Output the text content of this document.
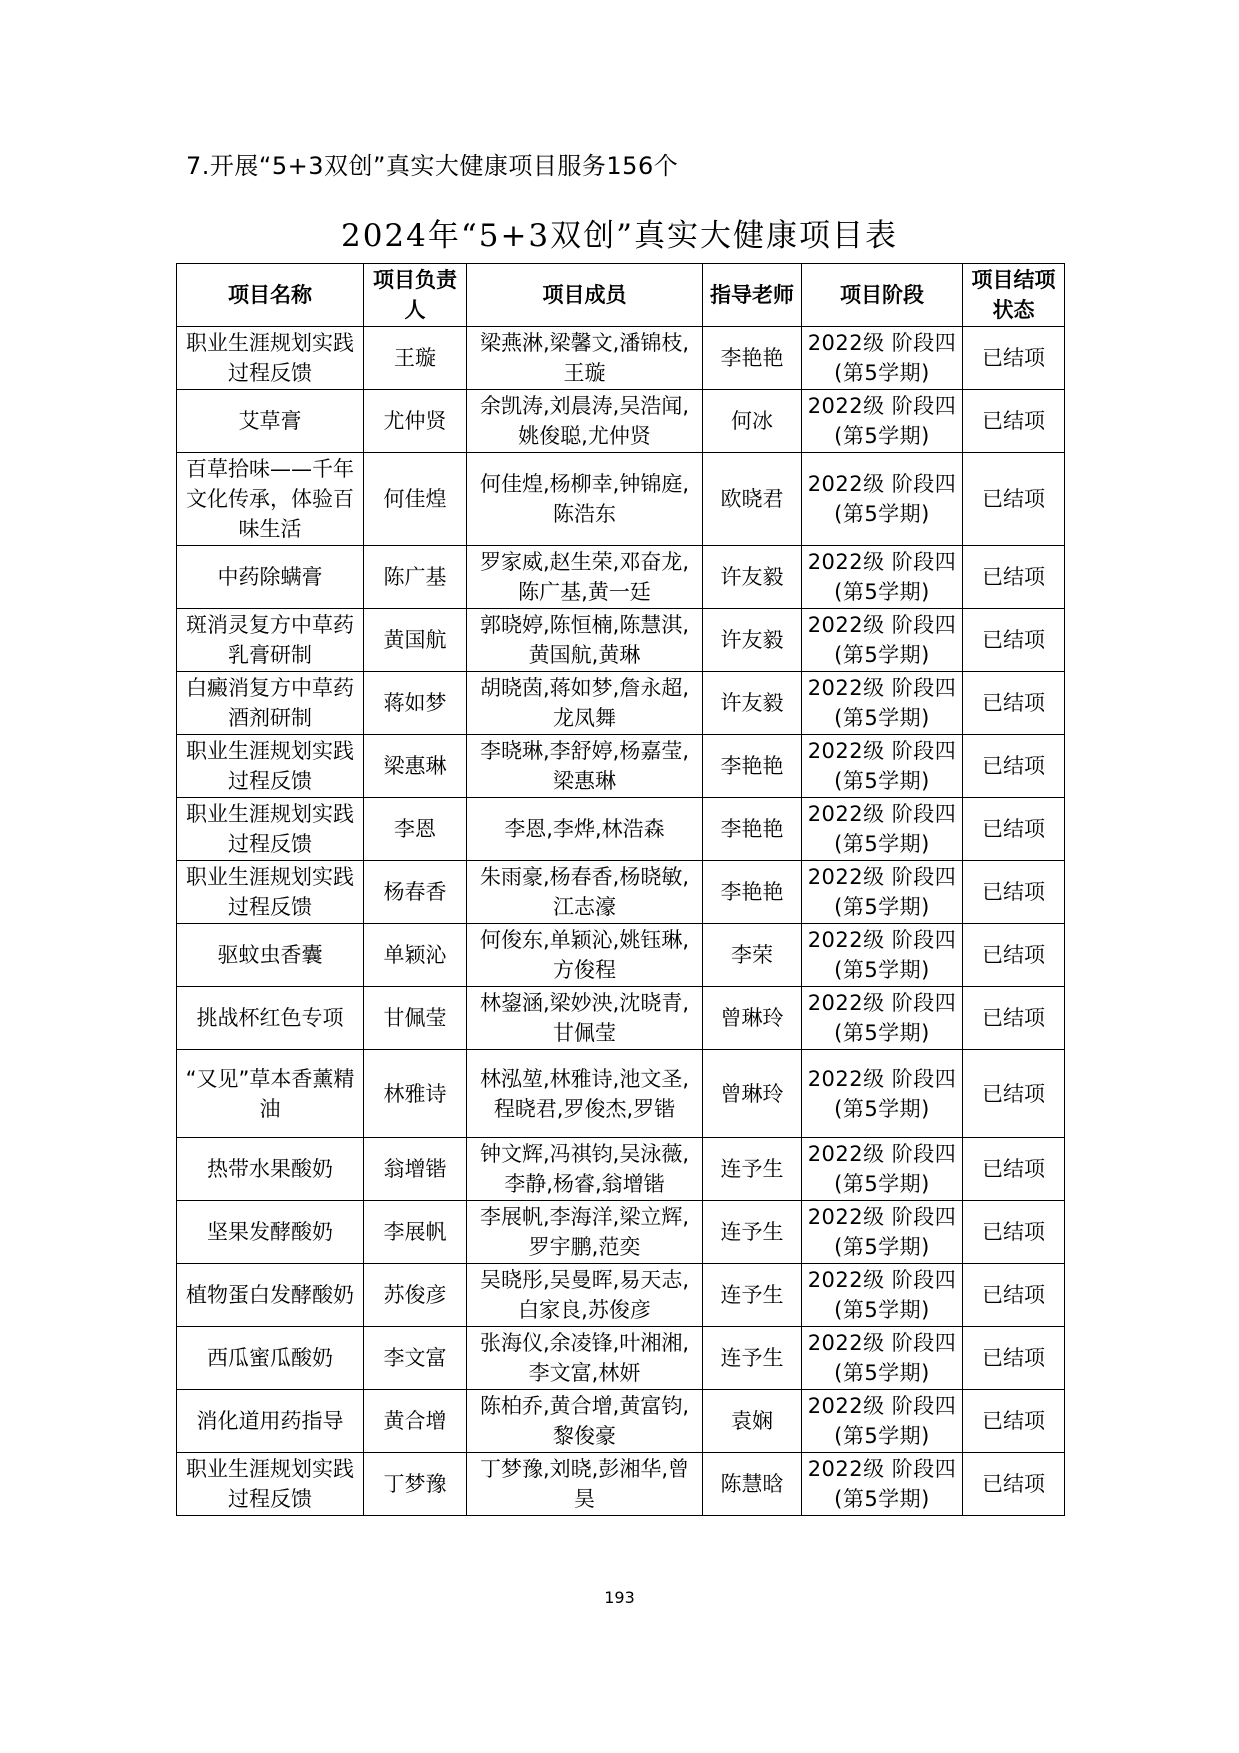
7.开展“5+3双创”真实大健康项目服务156个
2024年“5+3双创”真实大健康项目表
项目名称	项目负责人	项目成员	指导老师	项目阶段	项目结项状态
职业生涯规划实践过程反馈	王璇	梁燕淋,梁馨文,潘锦枝,王璇	李艳艳	2022级 阶段四(第5学期)	已结项
艾草膏	尤仲贤	余凯涛,刘晨涛,吴浩闻,姚俊聪,尤仲贤	何冰	2022级 阶段四(第5学期)	已结项
百草拾味——千年文化传承，体验百味生活	何佳煌	何佳煌,杨柳幸,钟锦庭,陈浩东	欧晓君	2022级 阶段四(第5学期)	已结项
中药除螨膏	陈广基	罗家威,赵生荣,邓奋龙,陈广基,黄一廷	许友毅	2022级 阶段四(第5学期)	已结项
斑消灵复方中草药乳膏研制	黄国航	郭晓婷,陈恒楠,陈慧淇,黄国航,黄琳	许友毅	2022级 阶段四(第5学期)	已结项
白癜消复方中草药酒剂研制	蒋如梦	胡晓茵,蒋如梦,詹永超,龙凤舞	许友毅	2022级 阶段四(第5学期)	已结项
职业生涯规划实践过程反馈	梁惠琳	李晓琳,李舒婷,杨嘉莹,梁惠琳	李艳艳	2022级 阶段四(第5学期)	已结项
职业生涯规划实践过程反馈	李恩	李恩,李烨,林浩森	李艳艳	2022级 阶段四(第5学期)	已结项
职业生涯规划实践过程反馈	杨春香	朱雨豪,杨春香,杨晓敏,江志濠	李艳艳	2022级 阶段四(第5学期)	已结项
驱蚊虫香囊	单颖沁	何俊东,单颖沁,姚钰琳,方俊程	李荣	2022级 阶段四(第5学期)	已结项
挑战杯红色专项	甘佩莹	林鋆涵,梁妙泱,沈晓青,甘佩莹	曾琳玲	2022级 阶段四(第5学期)	已结项
“又见”草本香薰精油	林雅诗	林泓堃,林雅诗,池文圣,程晓君,罗俊杰,罗锴	曾琳玲	2022级 阶段四(第5学期)	已结项
热带水果酸奶	翁增锴	钟文辉,冯祺钧,吴泳薇,李静,杨睿,翁增锴	连予生	2022级 阶段四(第5学期)	已结项
坚果发酵酸奶	李展帆	李展帆,李海洋,梁立辉,罗宇鹏,范奕	连予生	2022级 阶段四(第5学期)	已结项
植物蛋白发酵酸奶	苏俊彦	吴晓彤,吴曼晖,易天志,白家良,苏俊彦	连予生	2022级 阶段四(第5学期)	已结项
西瓜蜜瓜酸奶	李文富	张海仪,余凌锋,叶湘湘,李文富,林妍	连予生	2022级 阶段四(第5学期)	已结项
消化道用药指导	黄合增	陈柏乔,黄合增,黄富钧,黎俊豪	袁娴	2022级 阶段四(第5学期)	已结项
职业生涯规划实践过程反馈	丁梦豫	丁梦豫,刘晓,彭湘华,曾昊	陈慧晗	2022级 阶段四(第5学期)	已结项
193
